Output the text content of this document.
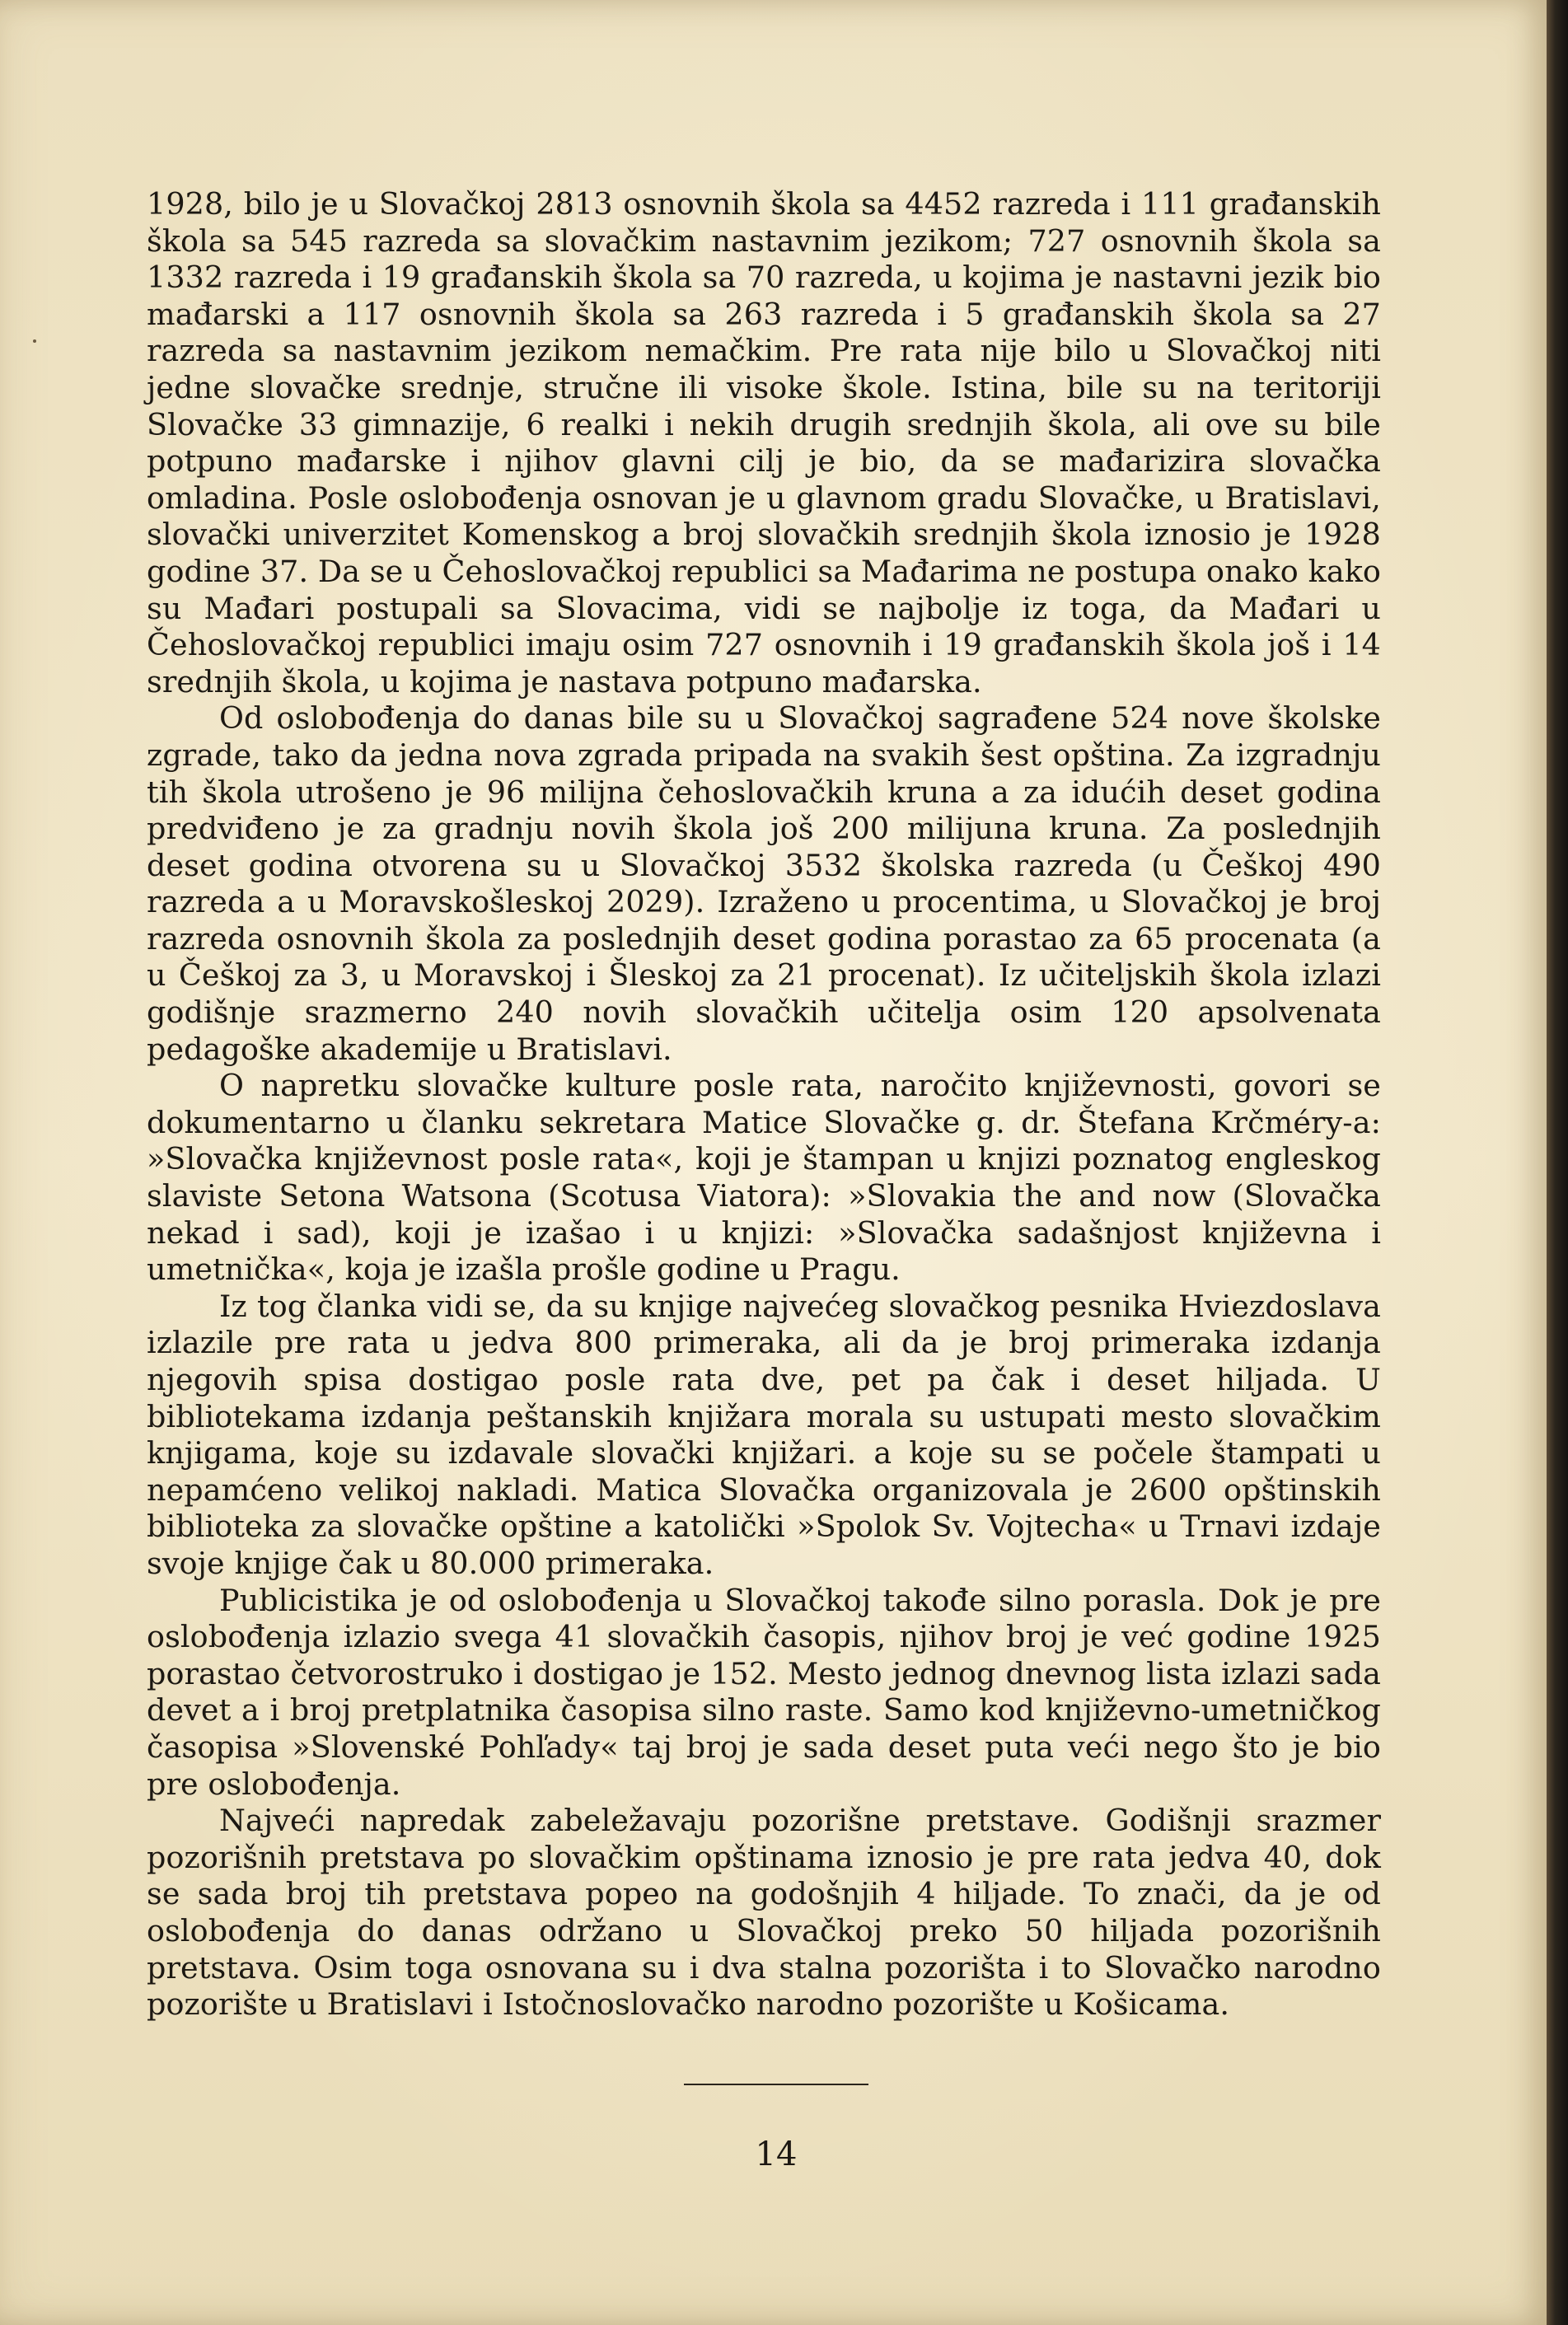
1928, bilo je u Slovačkoj 2813 osnovnih škola sa 4452 razreda i 111 građanskih škola sa 545 razreda sa slovačkim nastavnim jezikom; 727 osnovnih škola sa 1332 razreda i 19 građanskih škola sa 70 razreda, u kojima je nastavni jezik bio mađarski a 117 osnovnih škola sa 263 razreda i 5 građanskih škola sa 27 razreda sa nastavnim jezikom nemačkim. Pre rata nije bilo u Slovačkoj niti jedne slovačke srednje, stručne ili visoke škole. Istina, bile su na teritoriji Slovačke 33 gimnazije, 6 realki i nekih drugih srednjih škola, ali ove su bile potpuno mađarske i njihov glavni cilj je bio, da se mađarizira slovačka omladina. Posle oslobođenja osnovan je u glavnom gradu Slovačke, u Bratislavi, slovački univerzitet Komenskog a broj slovačkih srednjih škola iznosio je 1928 godine 37. Da se u Čehoslovačkoj republici sa Mađarima ne postupa onako kako su Mađari postupali sa Slovacima, vidi se najbolje iz toga, da Mađari u Čehoslovačkoj republici imaju osim 727 osnovnih i 19 građanskih škola još i 14 srednjih škola, u kojima je nastava potpuno mađarska.

Od oslobođenja do danas bile su u Slovačkoj sagrađene 524 nove školske zgrade, tako da jedna nova zgrada pripada na svakih šest opština. Za izgradnju tih škola utrošeno je 96 milijna čehoslovačkih kruna a za idućih deset godina predviđeno je za gradnju novih škola još 200 milijuna kruna. Za poslednjih deset godina otvorena su u Slovačkoj 3532 školska razreda (u Češkoj 490 razreda a u Moravskošleskoj 2029). Izraženo u procentima, u Slovačkoj je broj razreda osnovnih škola za poslednjih deset godina porastao za 65 procenata (a u Češkoj za 3, u Moravskoj i Šleskoj za 21 procenat). Iz učiteljskih škola izlazi godišnje srazmerno 240 novih slovačkih učitelja osim 120 apsolvenata pedagoške akademije u Bratislavi.

O napretku slovačke kulture posle rata, naročito književnosti, govori se dokumentarno u članku sekretara Matice Slovačke g. dr. Štefana Krčméry-a: »Slovačka književnost posle rata«, koji je štampan u knjizi poznatog engleskog slaviste Setona Watsona (Scotusa Viatora): »Slovakia the and now (Slovačka nekad i sad), koji je izašao i u knjizi: »Slovačka sadašnjost književna i umetnička«, koja je izašla prošle godine u Pragu.

Iz tog članka vidi se, da su knjige najvećeg slovačkog pesnika Hviezdoslava izlazile pre rata u jedva 800 primeraka, ali da je broj primeraka izdanja njegovih spisa dostigao posle rata dve, pet pa čak i deset hiljada. U bibliotekama izdanja peštanskih knjižara morala su ustupati mesto slovačkim knjigama, koje su izdavale slovački knjižari. a koje su se počele štampati u nepamćeno velikoj nakladi. Matica Slovačka organizovala je 2600 opštinskih biblioteka za slovačke opštine a katolički »Spolok Sv. Vojtecha« u Trnavi izdaje svoje knjige čak u 80.000 primeraka.

Publicistika je od oslobođenja u Slovačkoj takođe silno porasla. Dok je pre oslobođenja izlazio svega 41 slovačkih časopis, njihov broj je već godine 1925 porastao četvorostruko i dostigao je 152. Mesto jednog dnevnog lista izlazi sada devet a i broj pretplatnika časopisa silno raste. Samo kod književno-umetničkog časopisa »Slovenské Pohľady« taj broj je sada deset puta veći nego što je bio pre oslobođenja.

Najveći napredak zabeležavaju pozorišne pretstave. Godišnji srazmer pozorišnih pretstava po slovačkim opštinama iznosio je pre rata jedva 40, dok se sada broj tih pretstava popeo na godošnjih 4 hiljade. To znači, da je od oslobođenja do danas održano u Slovačkoj preko 50 hiljada pozorišnih pretstava. Osim toga osnovana su i dva stalna pozorišta i to Slovačko narodno pozorište u Bratislavi i Istočnoslovačko narodno pozorište u Košicama.

14
